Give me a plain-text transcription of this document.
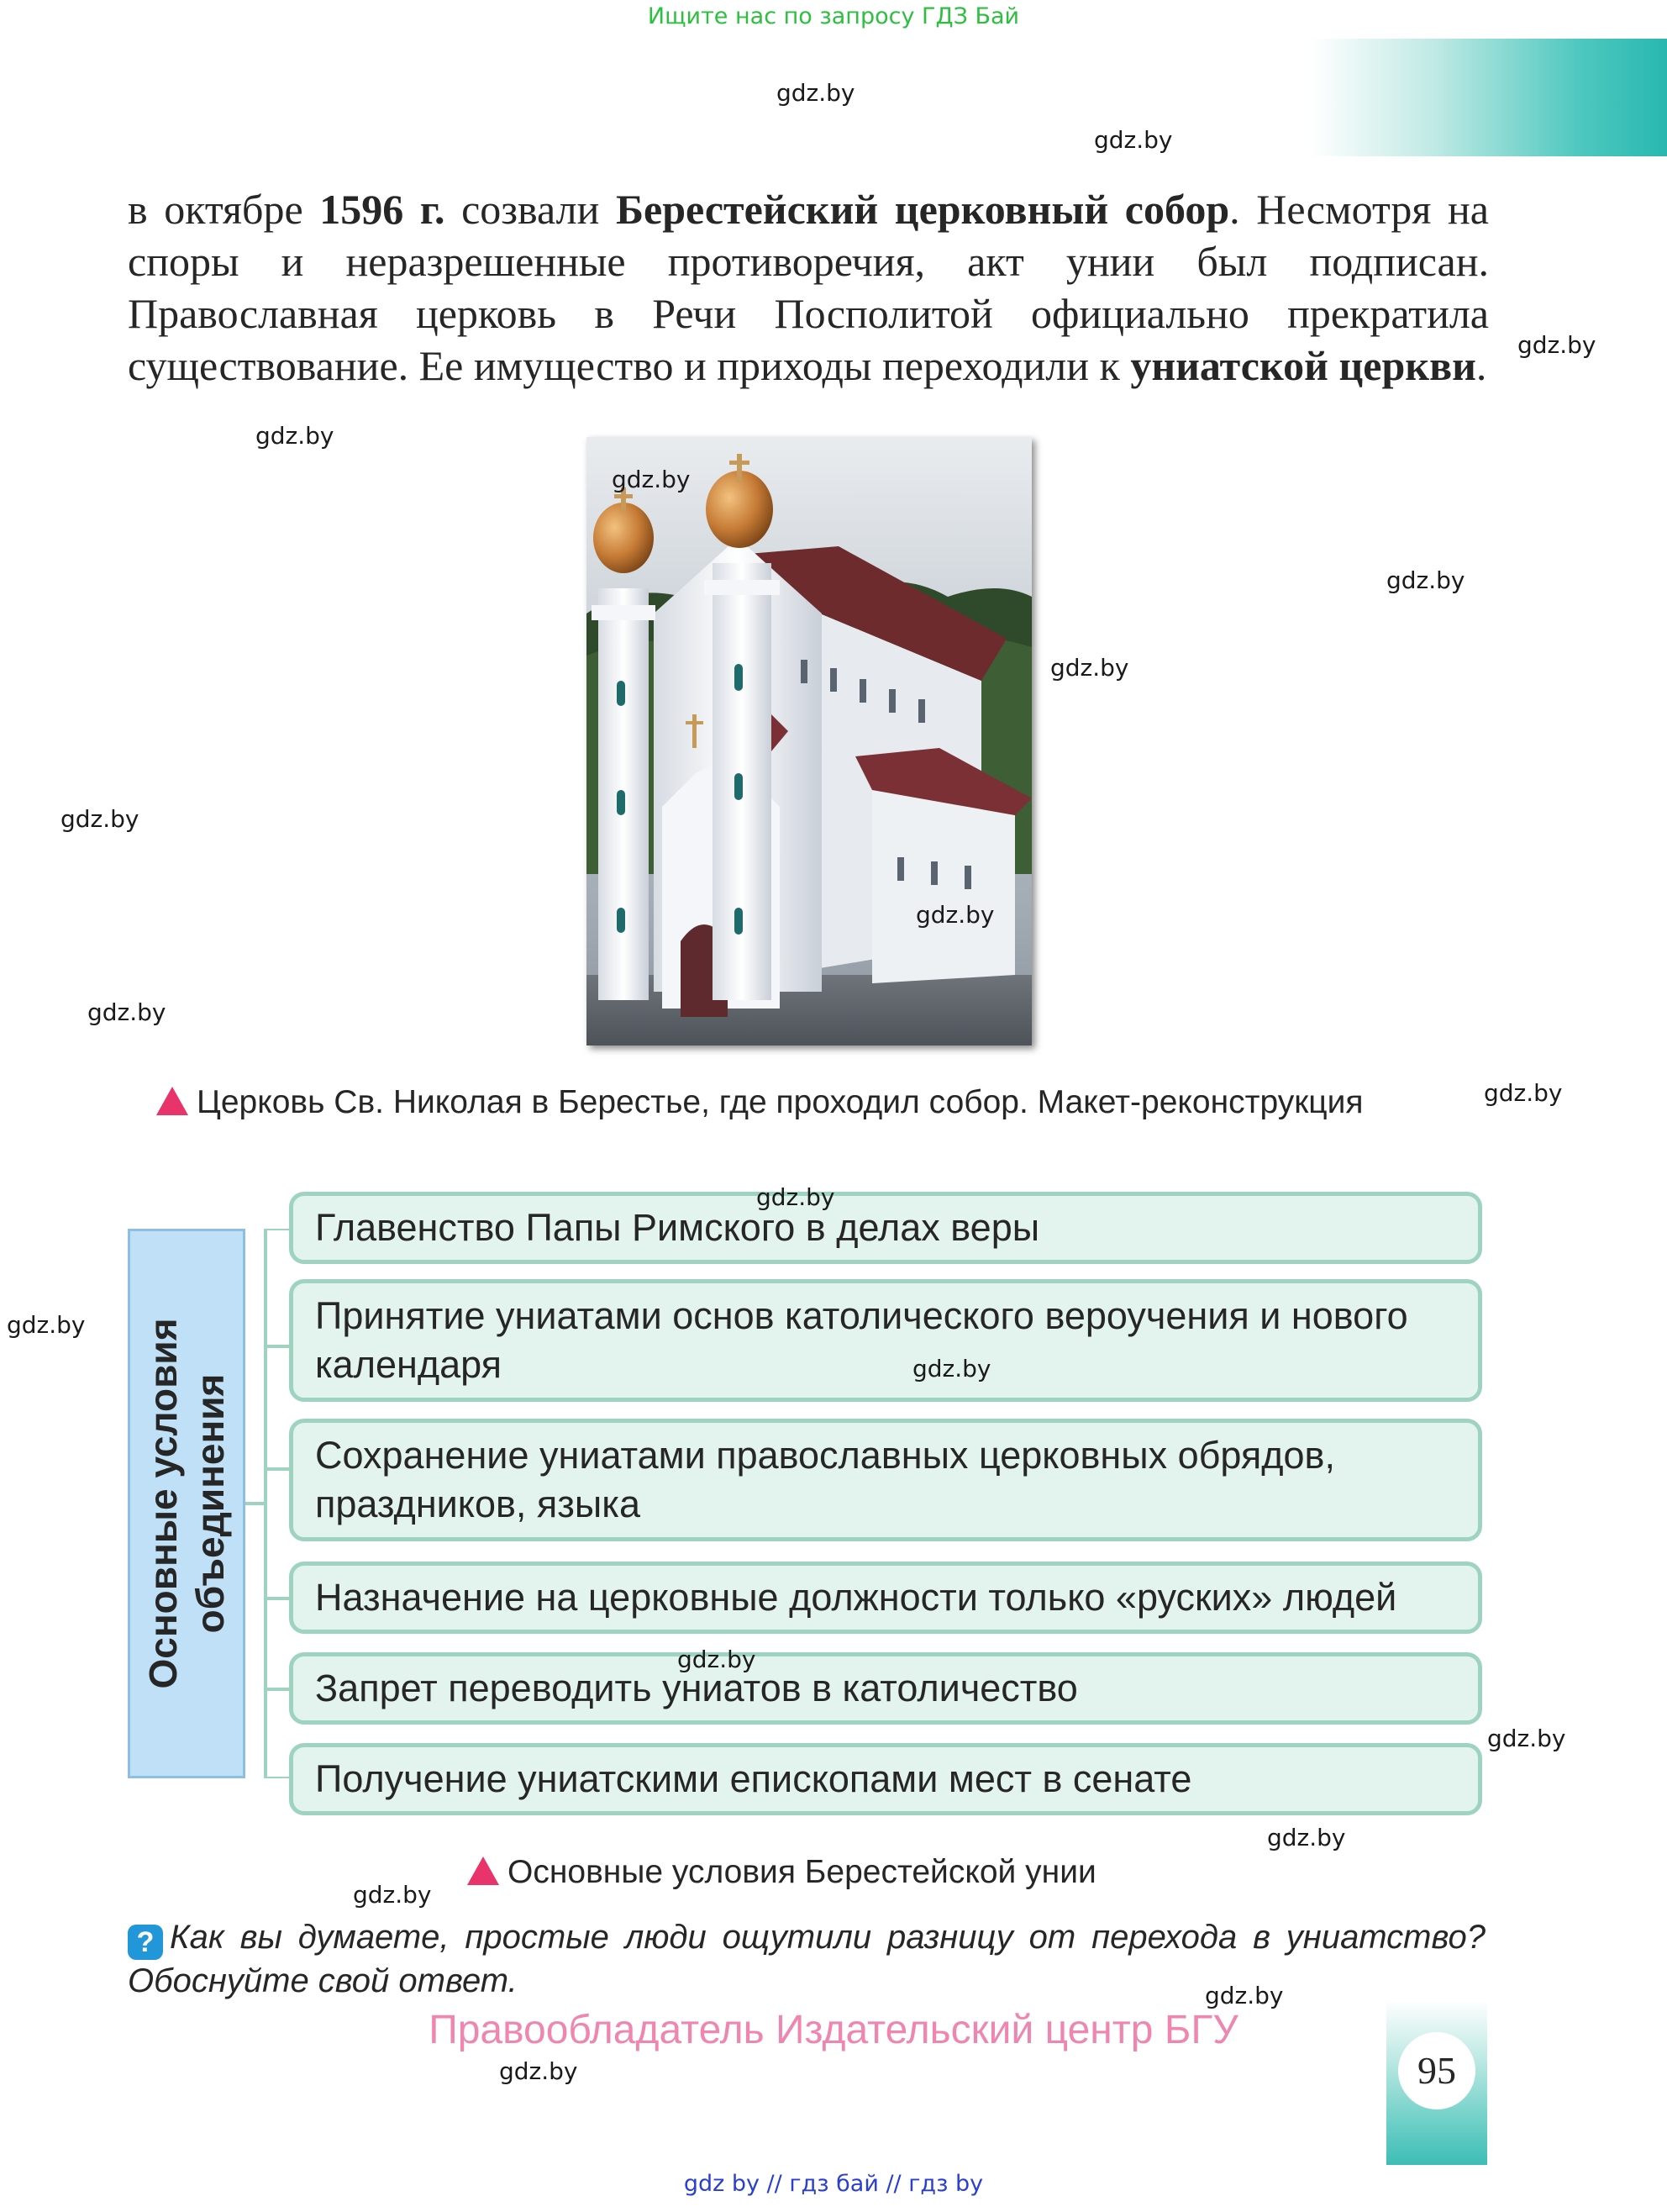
Ищите нас по запросу ГДЗ Бай
gdz.by
gdz.by
gdz.by
gdz.by
gdz.by
gdz.by
gdz.by
gdz.by
gdz.by
gdz.by
gdz.by
gdz.by
gdz.by
gdz.by
gdz.by
gdz.by
gdz.by
gdz.by
gdz.by
gdz.by
в октябре 1596 г. созвали Берестейский церковный собор. Несмотря на споры и неразрешенные противоречия, акт унии был подписан. Православная церковь в Речи Посполитой официально прекратила существование. Ее имущество и приходы переходили к униатской церкви.
Церковь Св. Николая в Берестье, где проходил собор. Макет-реконструкция
Основные условия объединения
Главенство Папы Римского в делах веры
Принятие униатами основ католического вероучения и нового календаря
Сохранение униатами православных церковных обрядов, праздников, языка
Назначение на церковные должности только «руских» людей
Запрет переводить униатов в католичество
Получение униатскими епископами мест в сенате
Основные условия Берестейской унии
? Как вы думаете, простые люди ощутили разницу от перехода в униатство? Обоснуйте свой ответ.
Правообладатель Издательский центр БГУ
95
gdz by // гдз бай // гдз by
